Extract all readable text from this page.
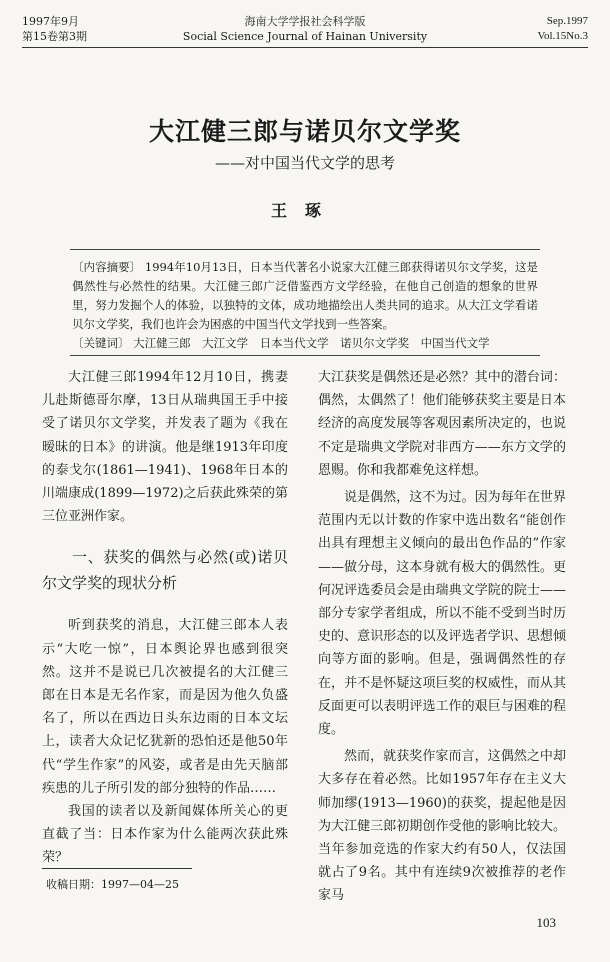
1997年9月
第15卷第3期
海南大学学报社会科学版
Social Science Journal of Hainan University
Sep.1997
Vol.15No.3
大江健三郎与诺贝尔文学奖
——对中国当代文学的思考
王琢

〔内容摘要〕 1994年10月13日，日本当代著名小说家大江健三郎获得诺贝尔文学奖，这是偶然性与必然性的结果。大江健三郎广泛借鉴西方文学经验，在他自己创造的想象的世界里，努力发掘个人的体验，以独特的文体，成功地描绘出人类共同的追求。从大江文学看诺贝尔文学奖，我们也许会为困惑的中国当代文学找到一些答案。

〔关键词〕 大江健三郎　大江文学　日本当代文学　诺贝尔文学奖　中国当代文学

大江健三郎1994年12月10日，携妻儿赴斯德哥尔摩，13日从瑞典国王手中接受了诺贝尔文学奖，并发表了题为《我在暧昧的日本》的讲演。他是继1913年印度的泰戈尔(1861—1941)、1968年日本的川端康成(1899—1972)之后获此殊荣的第三位亚洲作家。

一、获奖的偶然与必然(或)诺贝尔文学奖的现状分析

听到获奖的消息，大江健三郎本人表示“大吃一惊”，日本舆论界也感到很突然。这并不是说已几次被提名的大江健三郎在日本是无名作家，而是因为他久负盛名了，所以在西边日头东边雨的日本文坛上，读者大众记忆犹新的恐怕还是他50年代“学生作家”的风姿，或者是由先天脑部疾患的儿子所引发的部分独特的作品……

我国的读者以及新闻媒体所关心的更直截了当：日本作家为什么能两次获此殊荣？

大江获奖是偶然还是必然？其中的潜台词：偶然，太偶然了！他们能够获奖主要是日本经济的高度发展等客观因素所决定的，也说不定是瑞典文学院对非西方——东方文学的恩赐。你和我都难免这样想。

说是偶然，这不为过。因为每年在世界范围内无以计数的作家中选出数名“能创作出具有理想主义倾向的最出色作品的”作家——做分母，这本身就有极大的偶然性。更何况评选委员会是由瑞典文学院的院士——部分专家学者组成，所以不能不受到当时历史的、意识形态的以及评选者学识、思想倾向等方面的影响。但是，强调偶然性的存在，并不是怀疑这项巨奖的权威性，而从其反面更可以表明评选工作的艰巨与困难的程度。

然而，就获奖作家而言，这偶然之中却大多存在着必然。比如1957年存在主义大师加缪(1913—1960)的获奖，提起他是因为大江健三郎初期创作受他的影响比较大。当年参加竞选的作家大约有50人，仅法国就占了9名。其中有连续9次被推荐的老作家马

收稿日期：1997—04—25
103
